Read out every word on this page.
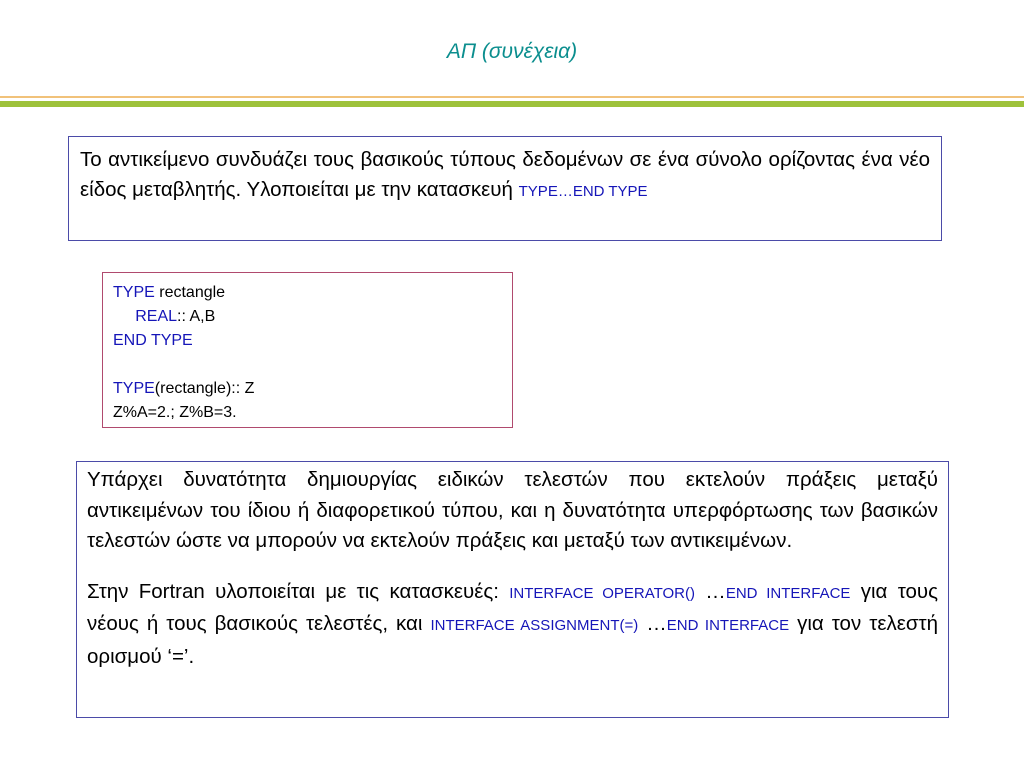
ΑΠ (συνέχεια)
Το αντικείμενο συνδυάζει τους βασικούς τύπους δεδομένων σε ένα σύνολο ορίζοντας ένα νέο είδος μεταβλητής. Υλοποιείται με την κατασκευή TYPE…END TYPE
TYPE rectangle
REAL:: A,B
END TYPE
TYPE(rectangle):: Z
Z%A=2.; Z%B=3.
Υπάρχει δυνατότητα δημιουργίας ειδικών τελεστών που εκτελούν πράξεις μεταξύ αντικειμένων του ίδιου ή διαφορετικού τύπου, και η δυνατότητα υπερφόρτωσης των βασικών τελεστών ώστε να μπορούν να εκτελούν πράξεις και μεταξύ των αντικειμένων.
Στην Fortran υλοποιείται με τις κατασκευές: INTERFACE OPERATOR() …END INTERFACE για τους νέους ή τους βασικούς τελεστές, και INTERFACE ASSIGNMENT(=) …END INTERFACE για τον τελεστή ορισμού ‘=’.
